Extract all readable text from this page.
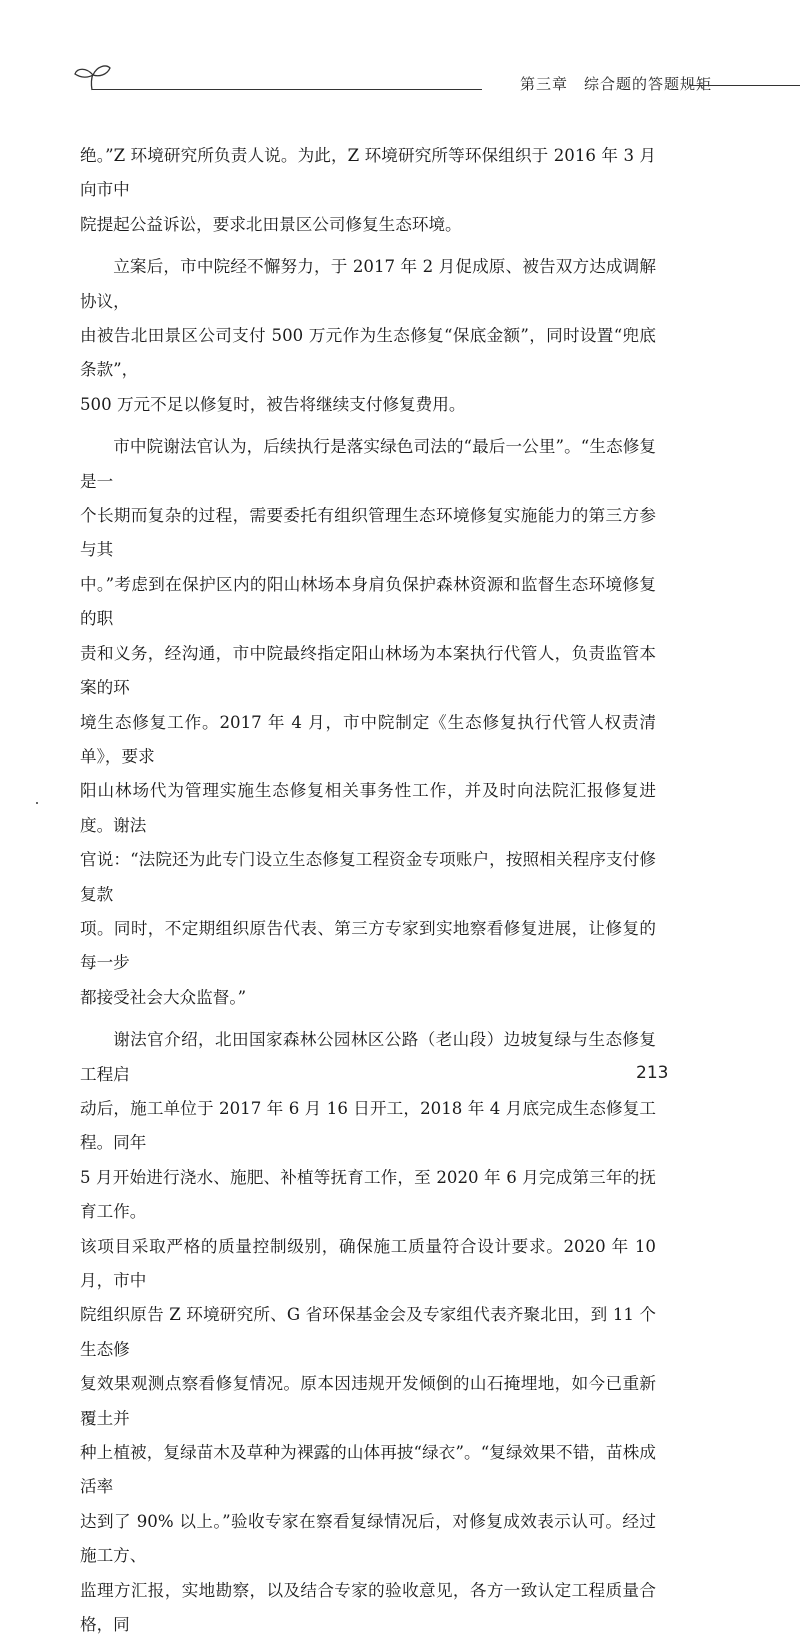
第三章　综合题的答题规矩

绝。”Z 环境研究所负责人说。为此，Z 环境研究所等环保组织于 2016 年 3 月向市中
院提起公益诉讼，要求北田景区公司修复生态环境。

立案后，市中院经不懈努力，于 2017 年 2 月促成原、被告双方达成调解协议，
由被告北田景区公司支付 500 万元作为生态修复“保底金额”，同时设置“兜底条款”，
500 万元不足以修复时，被告将继续支付修复费用。

市中院谢法官认为，后续执行是落实绿色司法的“最后一公里”。“生态修复是一
个长期而复杂的过程，需要委托有组织管理生态环境修复实施能力的第三方参与其
中。”考虑到在保护区内的阳山林场本身肩负保护森林资源和监督生态环境修复的职
责和义务，经沟通，市中院最终指定阳山林场为本案执行代管人，负责监管本案的环
境生态修复工作。2017 年 4 月，市中院制定《生态修复执行代管人权责清单》，要求
阳山林场代为管理实施生态修复相关事务性工作，并及时向法院汇报修复进度。谢法
官说：“法院还为此专门设立生态修复工程资金专项账户，按照相关程序支付修复款
项。同时，不定期组织原告代表、第三方专家到实地察看修复进展，让修复的每一步
都接受社会大众监督。”

谢法官介绍，北田国家森林公园林区公路（老山段）边坡复绿与生态修复工程启
动后，施工单位于 2017 年 6 月 16 日开工，2018 年 4 月底完成生态修复工程。同年
5 月开始进行浇水、施肥、补植等抚育工作，至 2020 年 6 月完成第三年的抚育工作。
该项目采取严格的质量控制级别，确保施工质量符合设计要求。2020 年 10 月，市中
院组织原告 Z 环境研究所、G 省环保基金会及专家组代表齐聚北田，到 11 个生态修
复效果观测点察看修复情况。原本因违规开发倾倒的山石掩埋地，如今已重新覆土并
种上植被，复绿苗木及草种为裸露的山体再披“绿衣”。“复绿效果不错，苗株成活率
达到了 90% 以上。”验收专家在察看复绿情况后，对修复成效表示认可。经过施工方、
监理方汇报，实地勘察，以及结合专家的验收意见，各方一致认定工程质量合格，同

213
